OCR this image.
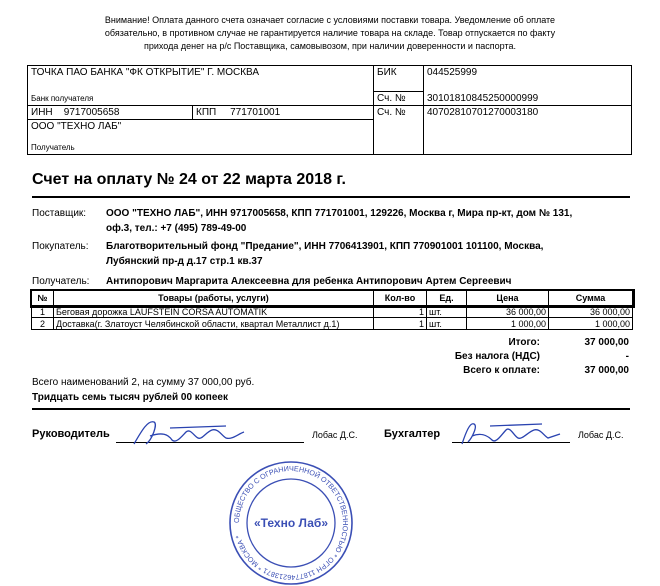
Внимание! Оплата данного счета означает согласие с условиями поставки товара. Уведомление об оплате
обязательно, в противном случае не гарантируется наличие товара на складе. Товар отпускается по факту
прихода денег на р/с Поставщика, самовывозом, при наличии доверенности и паспорта.
ТОЧКА ПАО БАНКА "ФК ОТКРЫТИЕ" Г. МОСКВА
Банк получателя		БИК	044525999
		Сч. №	30101810845250000999
ИНН 9717005658	КПП 771701001	Сч. №	40702810701270003180

ООО "ТЕХНО ЛАБ"
Получатель			
Счет на оплату № 24 от 22 марта 2018 г.
Поставщик: ООО "ТЕХНО ЛАБ", ИНН 9717005658, КПП 771701001, 129226, Москва г, Мира пр-кт, дом № 131,
оф.3, тел.: +7 (495) 789-49-00
Покупатель: Благотворительный фонд "Предание", ИНН 7706413901, КПП 770901001 101100, Москва,
Лубянский пр-д д.17 стр.1 кв.37
Получатель: Антипорович Маргарита Алексеевна для ребенка Антипорович Артем Сергеевич
№	Товары (работы, услуги)	Кол-во	Ед.	Цена	Сумма
1	Беговая дорожка LAUFSTEIN CORSA AUTOMATIK	1	шт.	36 000,00	36 000,00
2	Доставка(г. Златоуст Челябинской области, квартал Металлист д.1)	1	шт.	1 000,00	1 000,00
Итого:	37 000,00
Без налога (НДС)	-
Всего к оплате:	37 000,00
Всего наименований 2, на сумму 37 000,00 руб.
Тридцать семь тысяч рублей 00 копеек
Руководитель	Лобас Д.С. Бухгалтер	Лобас Д.С.
ОБЩЕСТВО С ОГРАНИЧЕННОЙ ОТВЕТСТВЕННОСТЬЮ * ОГРН 1187746213871 * МОСКВА *
«Техно Лаб»
